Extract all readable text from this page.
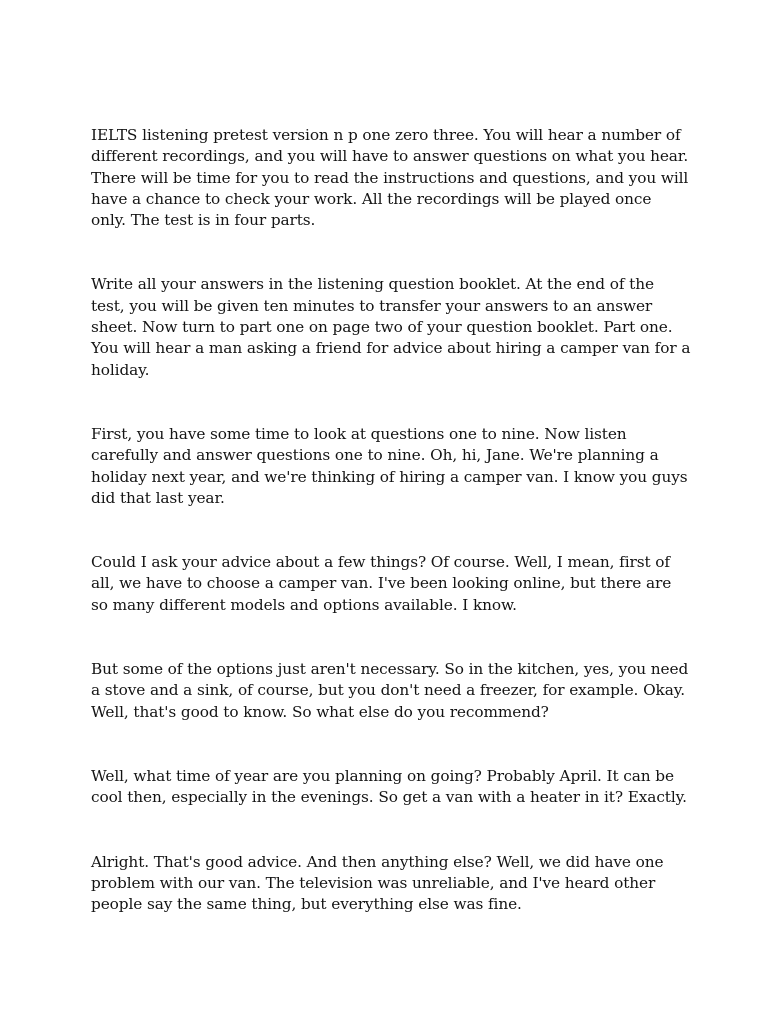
IELTS listening pretest version n p one zero three. You will hear a number of different recordings, and you will have to answer questions on what you hear. There will be time for you to read the instructions and questions, and you will have a chance to check your work. All the recordings will be played once only. The test is in four parts.

Write all your answers in the listening question booklet. At the end of the test, you will be given ten minutes to transfer your answers to an answer sheet. Now turn to part one on page two of your question booklet. Part one. You will hear a man asking a friend for advice about hiring a camper van for a holiday.

First, you have some time to look at questions one to nine. Now listen carefully and answer questions one to nine. Oh, hi, Jane. We're planning a holiday next year, and we're thinking of hiring a camper van. I know you guys did that last year.

Could I ask your advice about a few things? Of course. Well, I mean, first of all, we have to choose a camper van. I've been looking online, but there are so many different models and options available. I know.

But some of the options just aren't necessary. So in the kitchen, yes, you need a stove and a sink, of course, but you don't need a freezer, for example. Okay. Well, that's good to know. So what else do you recommend?

Well, what time of year are you planning on going? Probably April. It can be cool then, especially in the evenings. So get a van with a heater in it? Exactly.

Alright. That's good advice. And then anything else? Well, we did have one problem with our van. The television was unreliable, and I've heard other people say the same thing, but everything else was fine.
